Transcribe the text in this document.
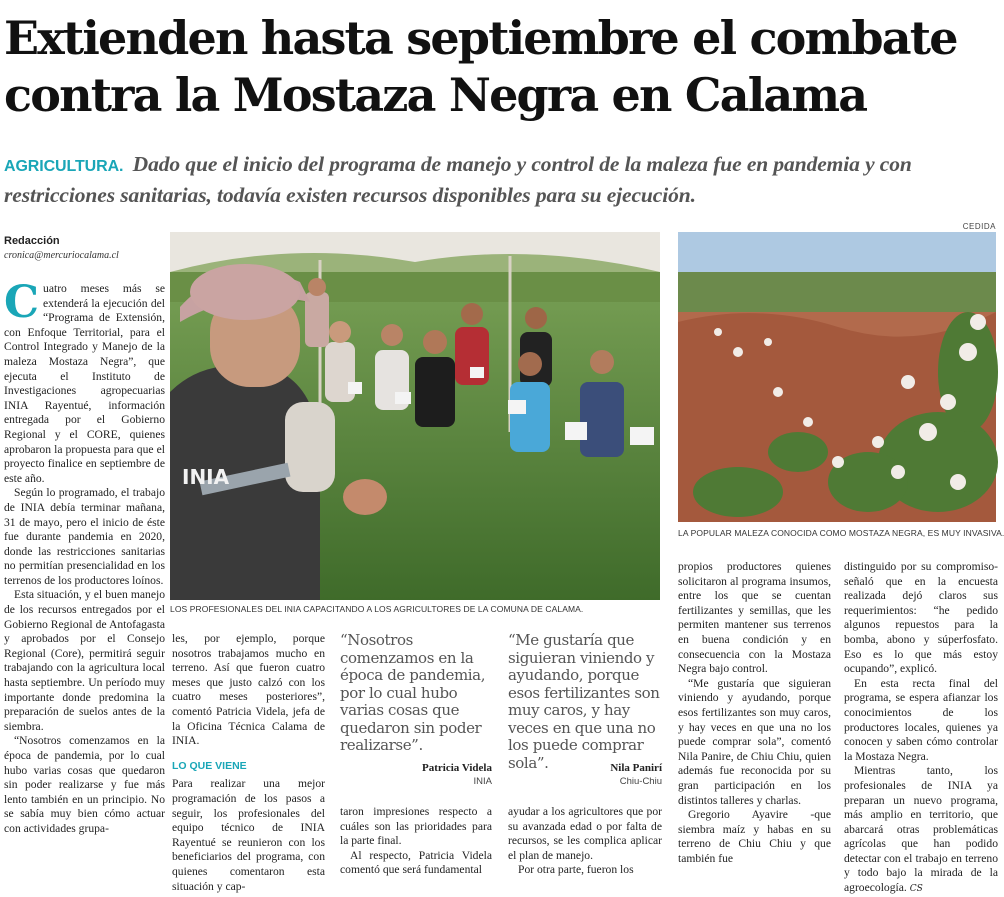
Extienden hasta septiembre el combate
contra la Mostaza Negra en Calama
AGRICULTURA. Dado que el inicio del programa de manejo y control de la maleza fue en pandemia y con restricciones sanitarias, todavía existen recursos disponibles para su ejecución.
CEDIDA
Redacción
cronica@mercuriocalama.cl
INIA
LOS PROFESIONALES DEL INIA CAPACITANDO A LOS AGRICULTORES DE LA COMUNA DE CALAMA.
LA POPULAR MALEZA CONOCIDA COMO MOSTAZA NEGRA, ES MUY INVASIVA.

Cuatro meses más se extenderá la ejecución del “Programa de Extensión, con Enfoque Territorial, para el Control Integrado y Manejo de la maleza Mostaza Negra”, que ejecuta el Instituto de Investigaciones agropecuarias INIA Rayentué, información entregada por el Gobierno Regional y el CORE, quienes aprobaron la propuesta para que el proyecto finalice en septiembre de este año.

Según lo programado, el trabajo de INIA debía terminar mañana, 31 de mayo, pero el inicio de éste fue durante pandemia en 2020, donde las restricciones sanitarias no permitían presencialidad en los terrenos de los productores loínos.

Esta situación, y el buen manejo de los recursos entregados por el Gobierno Regional de Antofagasta y aprobados por el Consejo Regional (Core), permitirá seguir trabajando con la agricultura local hasta septiembre. Un período muy importante donde predomina la preparación de suelos antes de la siembra.

“Nosotros comenzamos en la época de pandemia, por lo cual hubo varias cosas que quedaron sin poder realizarse y fue más lento también en un principio. No se sabía muy bien cómo actuar con actividades grupa-

les, por ejemplo, porque nosotros trabajamos mucho en terreno. Así que fueron cuatro meses que justo calzó con los cuatro meses posteriores”, comentó Patricia Videla, jefa de la Oficina Técnica Calama de INIA.

LO QUE VIENE

Para realizar una mejor programación de los pasos a seguir, los profesionales del equipo técnico de INIA Rayentué se reunieron con los beneficiarios del programa, con quienes comentaron esta situación y cap-

“Nosotros comenzamos en la época de pandemia, por lo cual hubo varias cosas que quedaron sin poder realizarse”.
Patricia Videla
INIA

taron impresiones respecto a cuáles son las prioridades para la parte final.

Al respecto, Patricia Videla comentó que será fundamental

“Me gustaría que siguieran viniendo y ayudando, porque esos fertilizantes son muy caros, y hay veces en que una no los puede comprar sola”.	Nila Panirí
Chiu-Chiu

ayudar a los agricultores que por su avanzada edad o por falta de recursos, se les complica aplicar el plan de manejo.

Por otra parte, fueron los

propios productores quienes solicitaron al programa insumos, entre los que se cuentan fertilizantes y semillas, que les permiten mantener sus terrenos en buena condición y en consecuencia con la Mostaza Negra bajo control.

“Me gustaría que siguieran viniendo y ayudando, porque esos fertilizantes son muy caros, y hay veces en que una no los puede comprar sola”, comentó Nila Panire, de Chiu Chiu, quien además fue reconocida por su gran participación en los distintos talleres y charlas.

Gregorio Ayavire -que siembra maíz y habas en su terreno de Chiu Chiu y que también fue

distinguido por su compromiso- señaló que en la encuesta realizada dejó claros sus requerimientos: “he pedido algunos repuestos para la bomba, abono y súperfosfato. Eso es lo que más estoy ocupando”, explicó.

En esta recta final del programa, se espera afianzar los conocimientos de los productores locales, quienes ya conocen y saben cómo controlar la Mostaza Negra.

Mientras tanto, los profesionales de INIA ya preparan un nuevo programa, más amplio en territorio, que abarcará otras problemáticas agrícolas que han podido detectar con el trabajo en terreno y todo bajo la mirada de la agroecología. CS
